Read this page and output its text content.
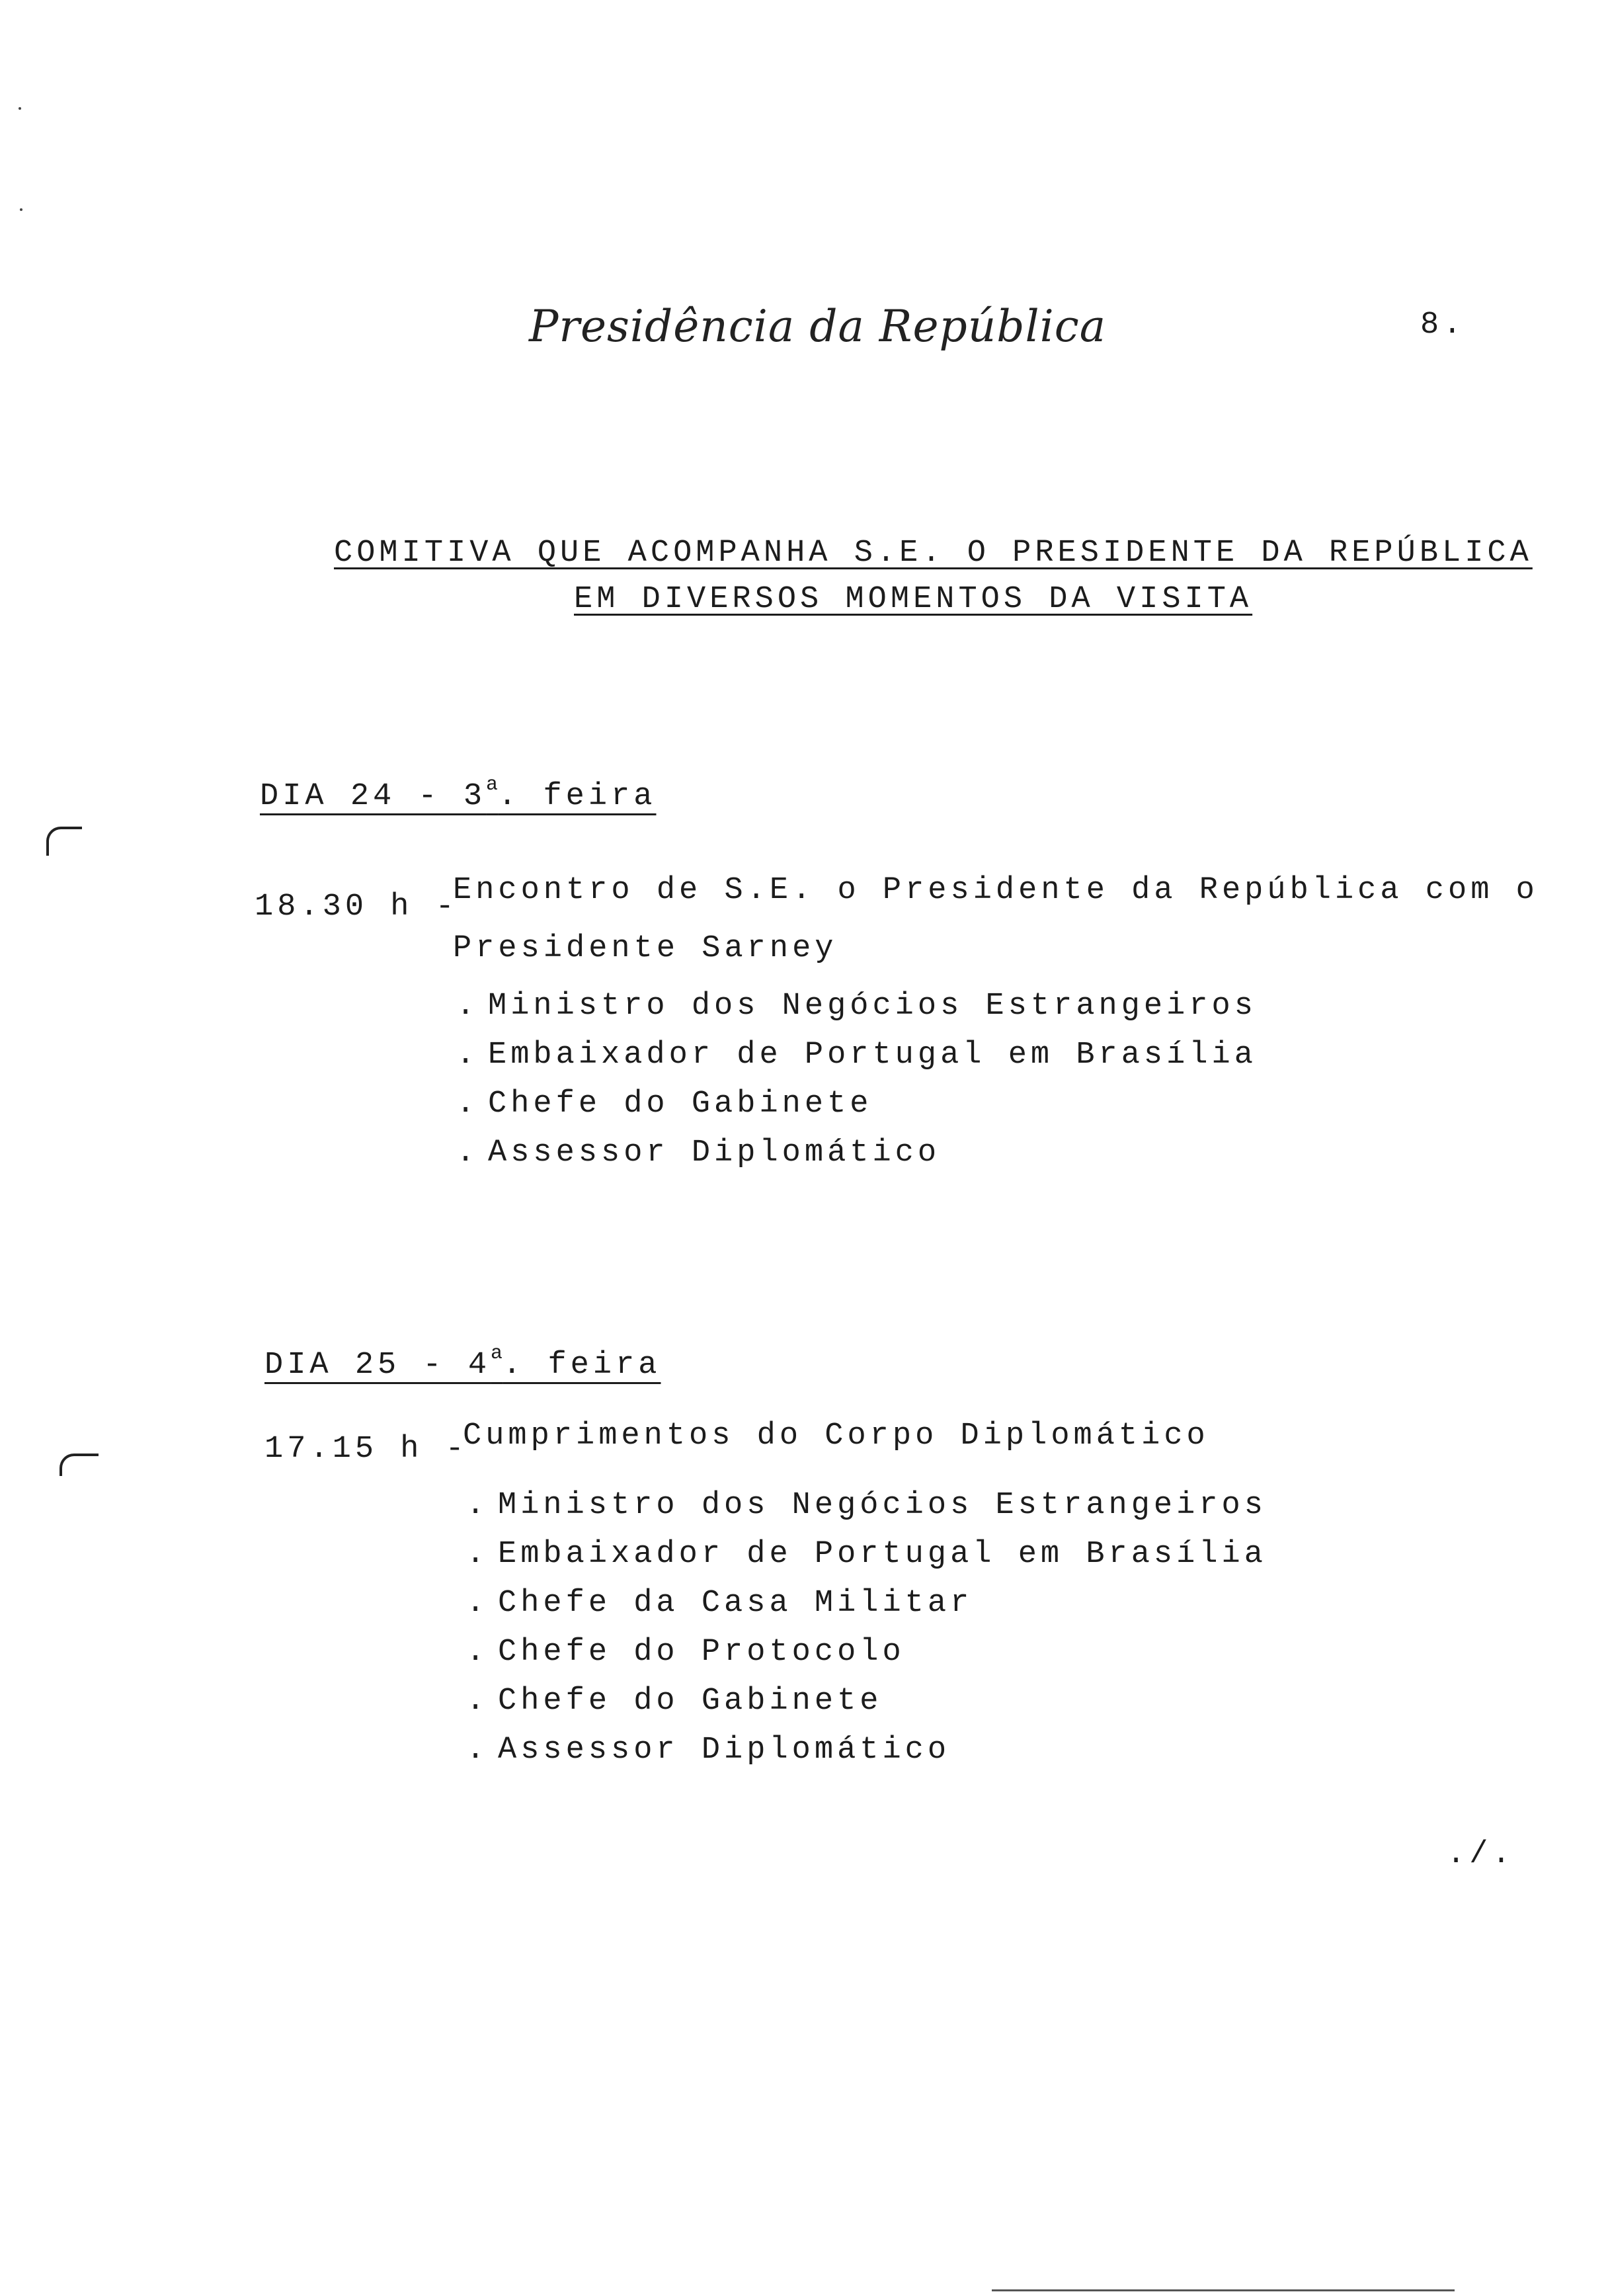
Presidência da República	8.
COMITIVA QUE ACOMPANHA S.E. O PRESIDENTE DA REPÚBLICA
EM DIVERSOS MOMENTOS DA VISITA
DIA 24 - 3$^a$. feira
18.30 h -
Encontro de S.E. o Presidente da República com o
Presidente Sarney
. Ministro dos Negócios Estrangeiros
. Embaixador de Portugal em Brasília
. Chefe do Gabinete
. Assessor Diplomático
DIA 25 - 4$^a$. feira
17.15 h -
Cumprimentos do Corpo Diplomático
. Ministro dos Negócios Estrangeiros
. Embaixador de Portugal em Brasília
. Chefe da Casa Militar
. Chefe do Protocolo
. Chefe do Gabinete
. Assessor Diplomático
./.
